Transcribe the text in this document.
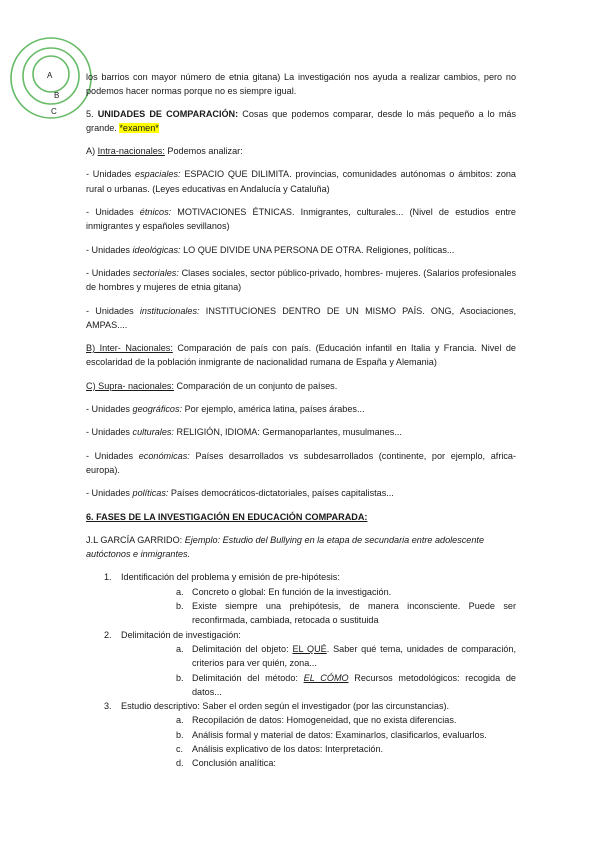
A
B
C

los barrios con mayor número de etnia gitana) La investigación nos ayuda a realizar cambios, pero no podemos hacer normas porque no es siempre igual.

5. UNIDADES DE COMPARACIÓN: Cosas que podemos comparar, desde lo más pequeño a lo más grande. *examen*

A) Intra-nacionales: Podemos analizar:

- Unidades espaciales: ESPACIO QUE DILIMITA. provincias, comunidades autónomas o ámbitos: zona rural o urbanas. (Leyes educativas en Andalucía y Cataluña)

- Unidades étnicos: MOTIVACIONES ÉTNICAS. Inmigrantes, culturales... (Nivel de estudios entre inmigrantes y españoles sevillanos)

- Unidades ideológicas: LO QUE DIVIDE UNA PERSONA DE OTRA. Religiones, políticas...

- Unidades sectoriales: Clases sociales, sector público-privado, hombres- mujeres. (Salarios profesionales de hombres y mujeres de etnia gitana)

- Unidades institucionales: INSTITUCIONES DENTRO DE UN MISMO PAÍS. ONG, Asociaciones, AMPAS....

B) Inter- Nacionales: Comparación de país con país. (Educación infantil en Italia y Francia. Nivel de escolaridad de la población inmigrante de nacionalidad rumana de España y Alemania)

C) Supra- nacionales: Comparación de un conjunto de países.

- Unidades geográficos: Por ejemplo, américa latina, países árabes...

- Unidades culturales: RELIGIÓN, IDIOMA: Germanoparlantes, musulmanes...

- Unidades económicas: Países desarrollados vs subdesarrollados (continente, por ejemplo, africa- europa).

- Unidades políticas: Países democráticos-dictatoriales, países capitalistas...

6. FASES DE LA INVESTIGACIÓN EN EDUCACIÓN COMPARADA:

J.L GARCÍA GARRIDO: Ejemplo: Estudio del Bullying en la etapa de secundaria entre adolescente autóctonos e inmigrantes.

1. Identificación del problema y emisión de pre-hipótesis:
a. Concreto o global: En función de la investigación.
b. Existe siempre una prehipótesis, de manera inconsciente. Puede ser reconfirmada, cambiada, retocada o sustituida
2. Delimitación de investigación:
a. Delimitación del objeto: EL QUÉ. Saber qué tema, unidades de comparación, criterios para ver quién, zona...
b. Delimitación del método: EL CÓMO Recursos metodológicos: recogida de datos...
3. Estudio descriptivo: Saber el orden según el investigador (por las circunstancias).
a. Recopilación de datos: Homogeneidad, que no exista diferencias.
b. Análisis formal y material de datos: Examinarlos, clasificarlos, evaluarlos.
c. Análisis explicativo de los datos: Interpretación.
d. Conclusión analítica:
